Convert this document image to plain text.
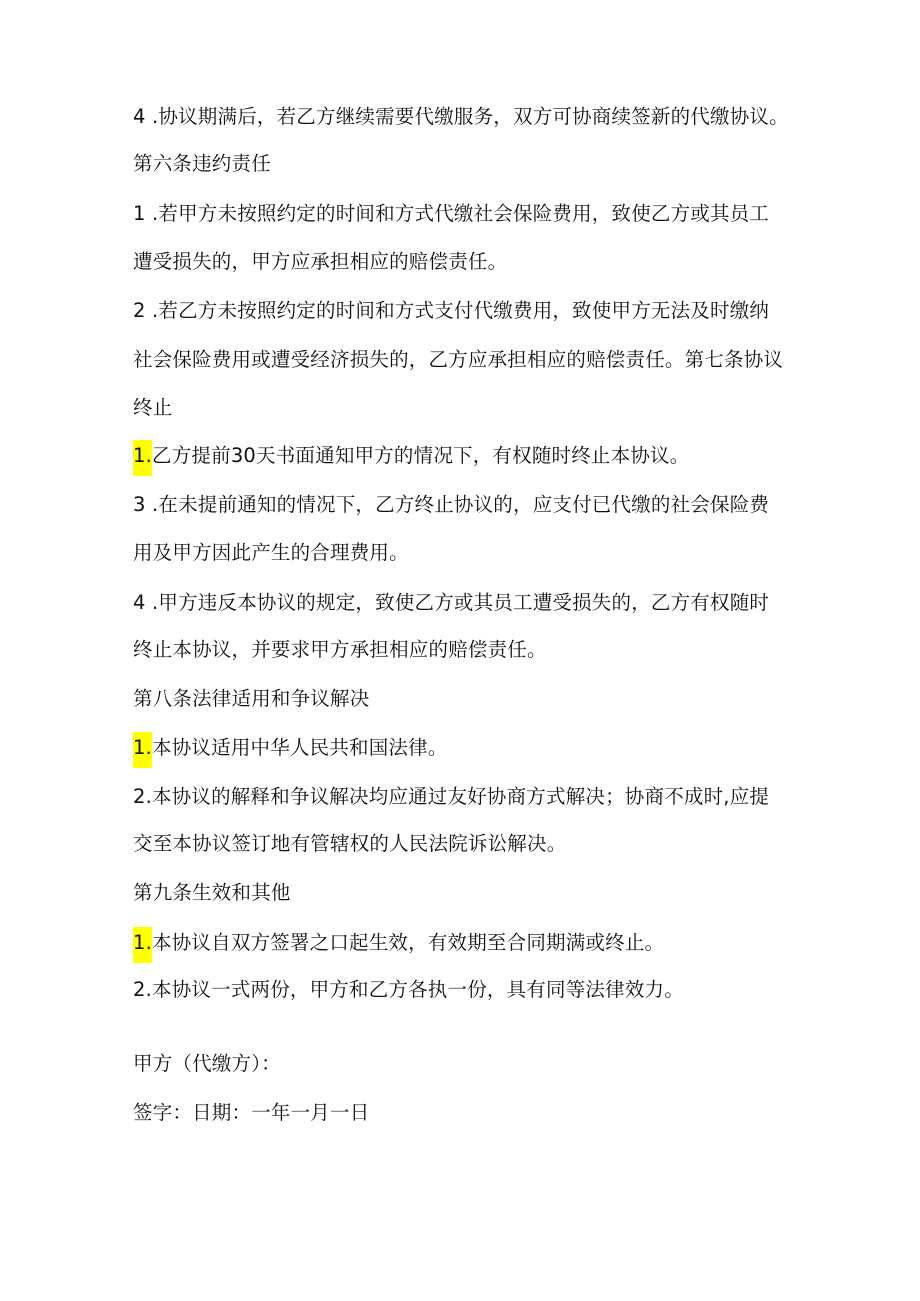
4 .协议期满后，若乙方继续需要代缴服务，双方可协商续签新的代缴协议。
第六条违约责任
1 .若甲方未按照约定的时间和方式代缴社会保险费用，致使乙方或其员工
遭受损失的，甲方应承担相应的赔偿责任。
2 .若乙方未按照约定的时间和方式支付代缴费用，致使甲方无法及时缴纳
社会保险费用或遭受经济损失的，乙方应承担相应的赔偿责任。第七条协议
终止
1.乙方提前30天书面通知甲方的情况下，有权随时终止本协议。
3 .在未提前通知的情况下，乙方终止协议的，应支付已代缴的社会保险费
用及甲方因此产生的合理费用。
4 .甲方违反本协议的规定，致使乙方或其员工遭受损失的，乙方有权随时
终止本协议，并要求甲方承担相应的赔偿责任。
第八条法律适用和争议解决
1.本协议适用中华人民共和国法律。
2.本协议的解释和争议解决均应通过友好协商方式解决；协商不成时,应提
交至本协议签订地有管辖权的人民法院诉讼解决。
第九条生效和其他
1.本协议自双方签署之口起生效，有效期至合同期满或终止。
2.本协议一式两份，甲方和乙方各执一份，具有同等法律效力。
甲方（代缴方）：
签字：日期：一年一月一日
